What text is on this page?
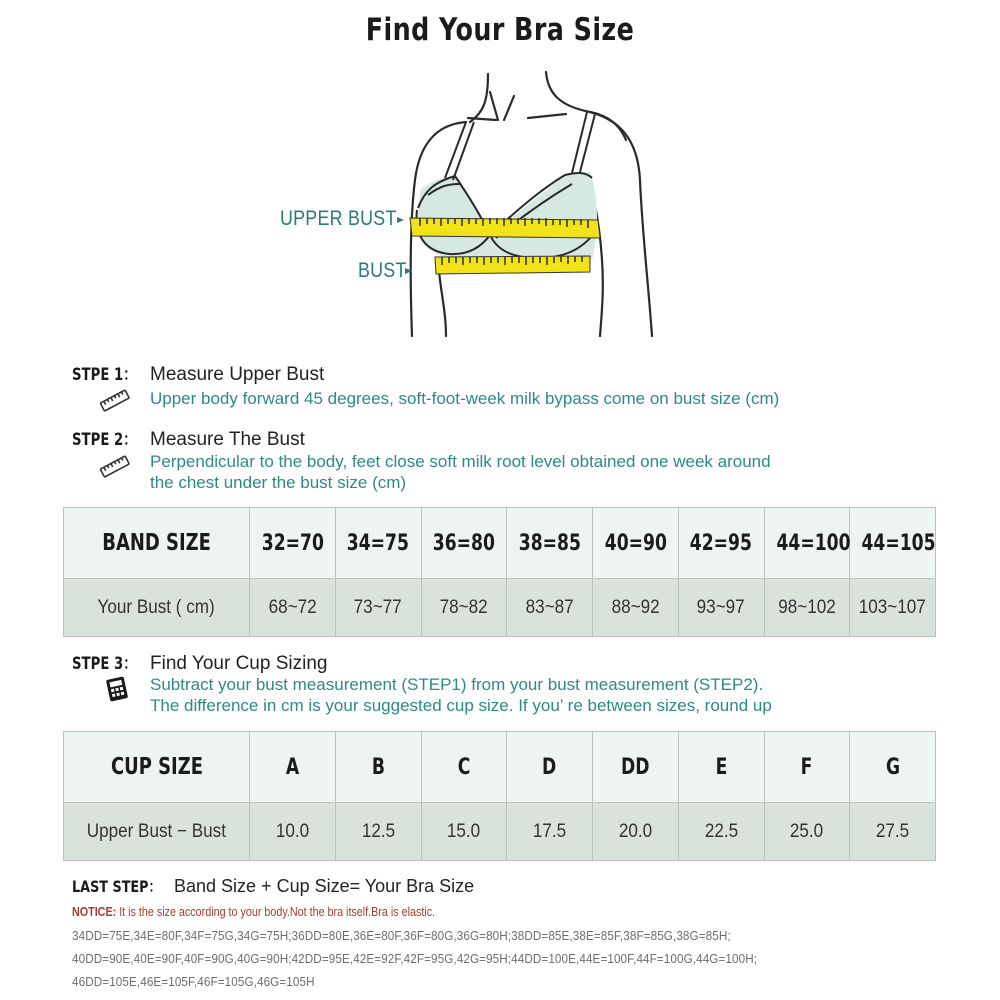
Find Your Bra Size
UPPER BUST
BUST
STPE 1： Measure Upper Bust
Upper body forward 45 degrees, soft-foot-week milk bypass come on bust size (cm)
STPE 2： Measure The Bust
Perpendicular to the body, feet close soft milk root level obtained one week around
the chest under the bust size (cm)
BAND SIZE	32=70	34=75	36=80	38=85	40=90	42=95	44=100	44=105
Your Bust ( cm)	68~72	73~77	78~82	83~87	88~92	93~97	98~102	103~107
STPE 3： Find Your Cup Sizing
Subtract your bust measurement (STEP1) from your bust measurement (STEP2).
The difference in cm is your suggested cup size. If you’ re between sizes, round up
CUP SIZE	A	B	C	D	DD	E	F	G
Upper Bust − Bust	10.0	12.5	15.0	17.5	20.0	22.5	25.0	27.5
LAST STEP： Band Size + Cup Size= Your Bra Size
NOTICE: It is the size according to your body.Not the bra itself.Bra is elastic.
34DD=75E,34E=80F,34F=75G,34G=75H;36DD=80E,36E=80F,36F=80G,36G=80H;38DD=85E,38E=85F,38F=85G,38G=85H;
40DD=90E,40E=90F,40F=90G,40G=90H;42DD=95E,42E=92F,42F=95G,42G=95H;44DD=100E,44E=100F,44F=100G,44G=100H;
46DD=105E,46E=105F,46F=105G,46G=105H
